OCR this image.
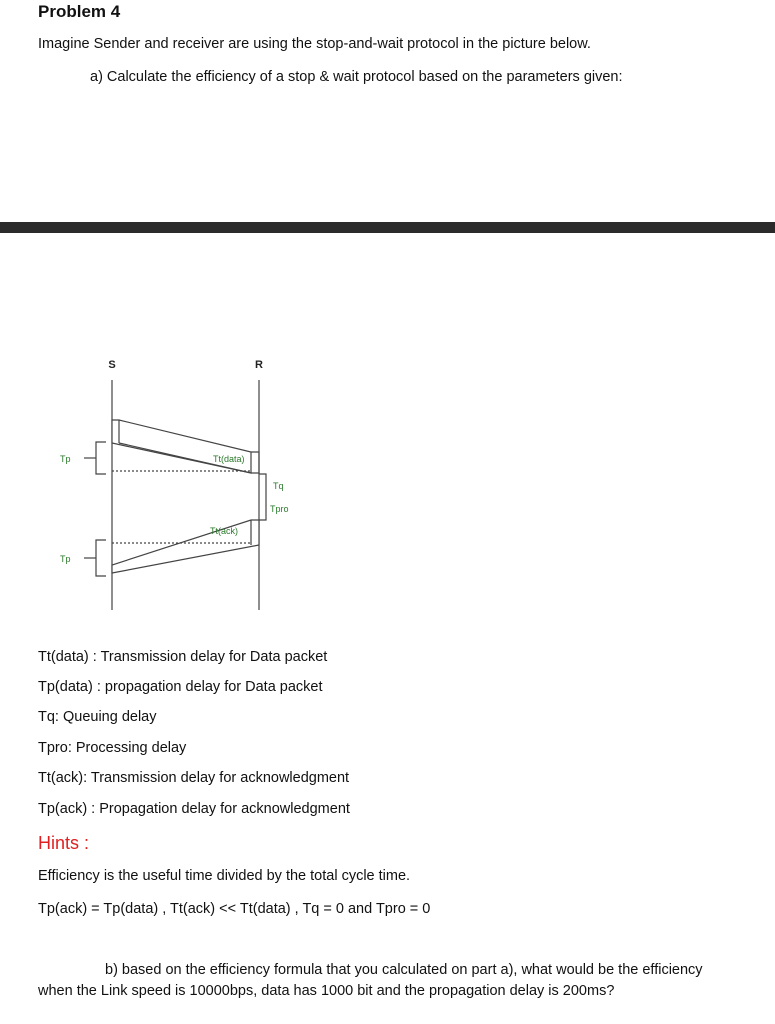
Problem 4
Imagine Sender and receiver are using the stop-and-wait protocol in the picture below.
a) Calculate the efficiency of a stop & wait protocol based on the parameters given:
S	R
Tp
Tp
Tt(data)
Tt(ack)
Tq
Tpro
Tt(data) : Transmission delay for Data packet
Tp(data) : propagation delay for Data packet
Tq: Queuing delay
Tpro: Processing delay
Tt(ack): Transmission delay for acknowledgment
Tp(ack) : Propagation delay for acknowledgment
Hints :
Efficiency is the useful time divided by the total cycle time.
Tp(ack) = Tp(data) , Tt(ack) << Tt(data) , Tq = 0 and Tpro = 0
b) based on the efficiency formula that you calculated on part a), what would be the efficiency
when the Link speed is 10000bps, data has 1000 bit and the propagation delay is 200ms?
